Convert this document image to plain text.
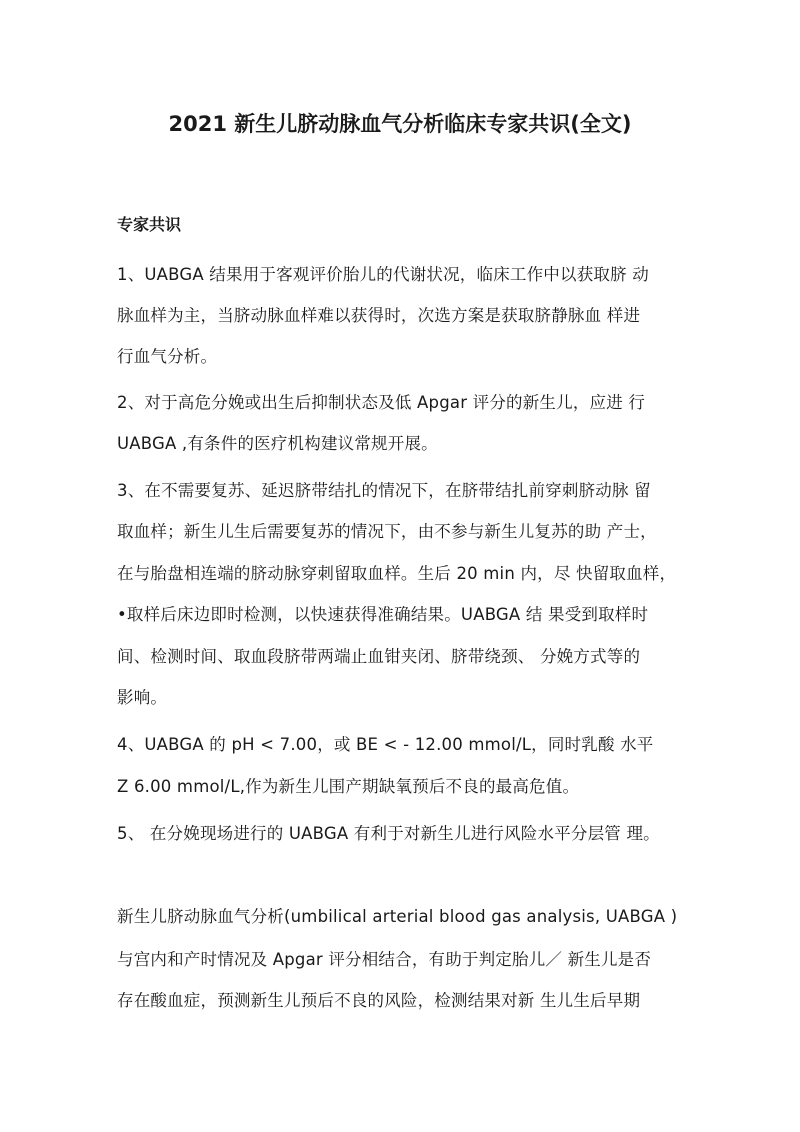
2021 新生儿脐动脉血气分析临床专家共识(全文)
专家共识
1、UABGA 结果用于客观评价胎儿的代谢状况，临床工作中以获取脐 动
脉血样为主，当脐动脉血样难以获得时，次选方案是获取脐静脉血 样进
行血气分析。
2、对于高危分娩或出生后抑制状态及低 Apgar 评分的新生儿，应进 行
UABGA ,有条件的医疗机构建议常规开展。
3、在不需要复苏、延迟脐带结扎的情况下，在脐带结扎前穿刺脐动脉 留
取血样；新生儿生后需要复苏的情况下，由不参与新生儿复苏的助 产士，
在与胎盘相连端的脐动脉穿刺留取血样。生后 20 min 内，尽 快留取血样，
•取样后床边即时检测，以快速获得准确结果。UABGA 结 果受到取样时
间、检测时间、取血段脐带两端止血钳夹闭、脐带绕颈、 分娩方式等的
影响。
4、UABGA 的 pH < 7.00，或 BE < - 12.00 mmol/L，同时乳酸 水平
Z 6.00 mmol/L,作为新生儿围产期缺氧预后不良的最高危值。
5、 在分娩现场进行的 UABGA 有利于对新生儿进行风险水平分层管 理。
新生儿脐动脉血气分析(umbilical arterial blood gas analysis, UABGA )
与宫内和产时情况及 Apgar 评分相结合，有助于判定胎儿／ 新生儿是否
存在酸血症，预测新生儿预后不良的风险，检测结果对新 生儿生后早期
